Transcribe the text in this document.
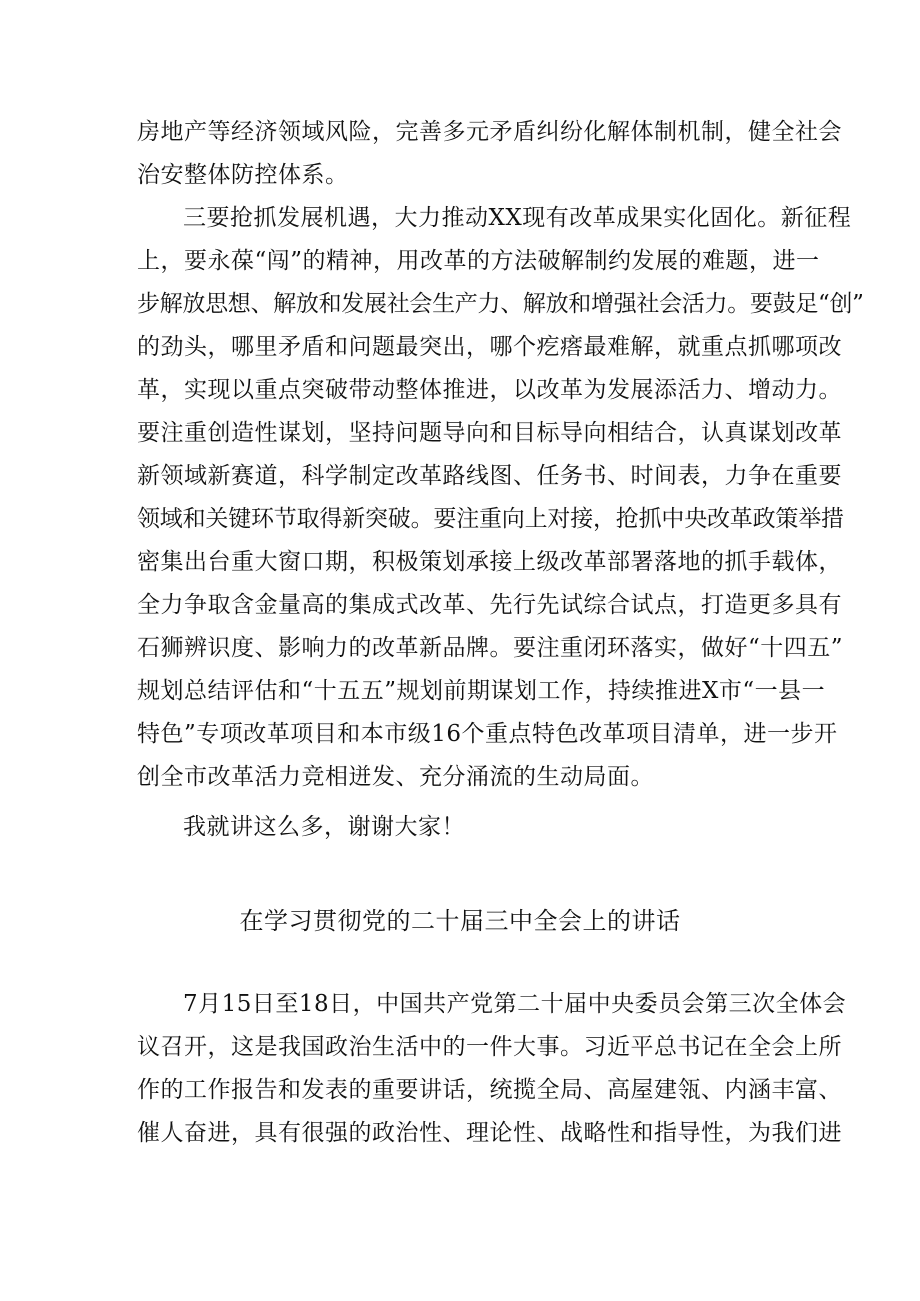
房地产等经济领域风险，完善多元矛盾纠纷化解体制机制，健全社会
治安整体防控体系。
三要抢抓发展机遇，大力推动XX现有改革成果实化固化。新征程
上，要永葆“闯”的精神，用改革的方法破解制约发展的难题，进一
步解放思想、解放和发展社会生产力、解放和增强社会活力。要鼓足“创”
的劲头，哪里矛盾和问题最突出，哪个疙瘩最难解，就重点抓哪项改
革，实现以重点突破带动整体推进，以改革为发展添活力、增动力。
要注重创造性谋划，坚持问题导向和目标导向相结合，认真谋划改革
新领域新赛道，科学制定改革路线图、任务书、时间表，力争在重要
领域和关键环节取得新突破。要注重向上对接，抢抓中央改革政策举措
密集出台重大窗口期，积极策划承接上级改革部署落地的抓手载体，
全力争取含金量高的集成式改革、先行先试综合试点，打造更多具有
石狮辨识度、影响力的改革新品牌。要注重闭环落实，做好“十四五”
规划总结评估和“十五五”规划前期谋划工作，持续推进X市“一县一
特色”专项改革项目和本市级16个重点特色改革项目清单，进一步开
创全市改革活力竞相迸发、充分涌流的生动局面。
我就讲这么多，谢谢大家！
在学习贯彻党的二十届三中全会上的讲话
7月15日至18日，中国共产党第二十届中央委员会第三次全体会
议召开，这是我国政治生活中的一件大事。习近平总书记在全会上所
作的工作报告和发表的重要讲话，统揽全局、高屋建瓴、内涵丰富、
催人奋进，具有很强的政治性、理论性、战略性和指导性，为我们进
